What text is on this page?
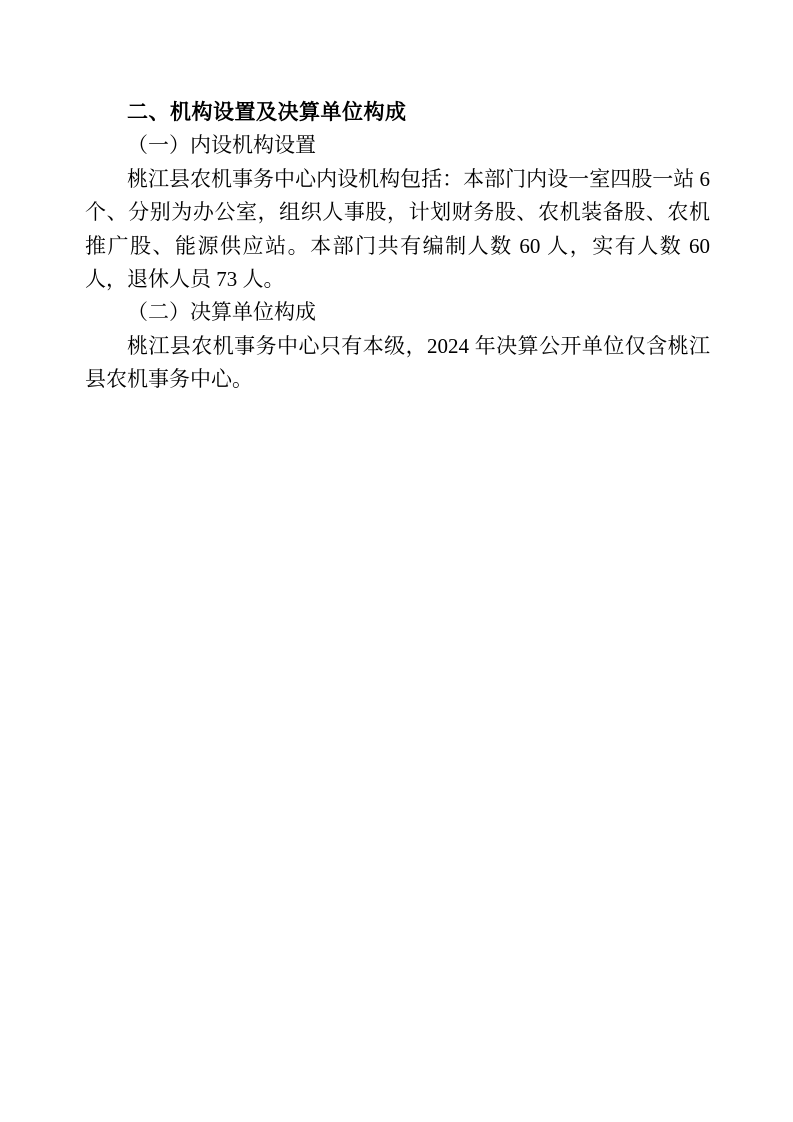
二、机构设置及决算单位构成

（一）内设机构设置

桃江县农机事务中心内设机构包括：本部门内设一室四股一站 6 个、分别为办公室，组织人事股，计划财务股、农机装备股、农机推广股、能源供应站。本部门共有编制人数 60 人，实有人数 60 人，退休人员 73 人。

（二）决算单位构成

桃江县农机事务中心只有本级，2024 年决算公开单位仅含桃江县农机事务中心。
